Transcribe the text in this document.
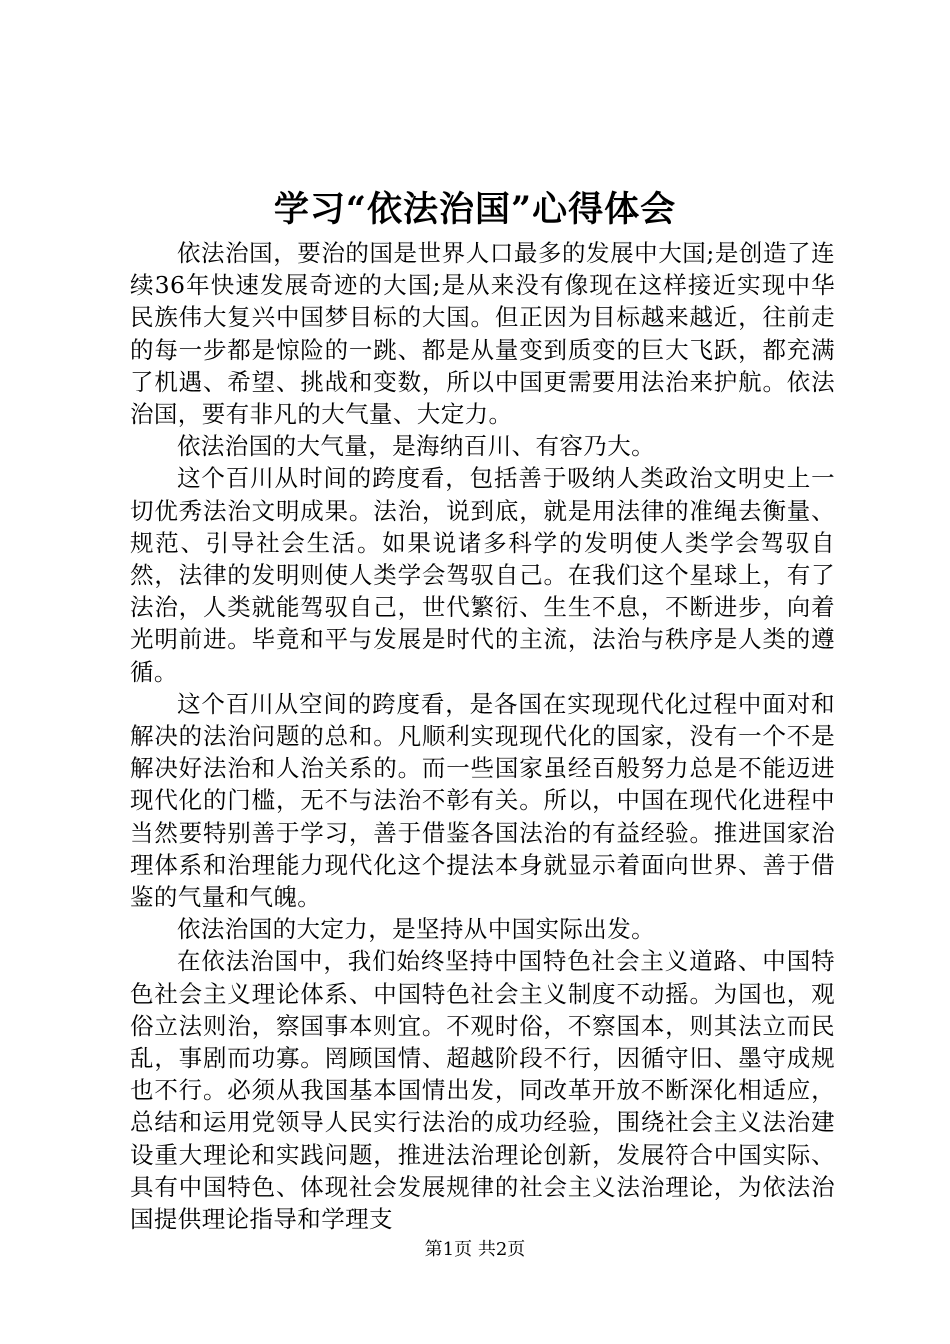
学习“依法治国”心得体会

依法治国，要治的国是世界人口最多的发展中大国;是创造了连续36年快速发展奇迹的大国;是从来没有像现在这样接近实现中华民族伟大复兴中国梦目标的大国。但正因为目标越来越近，往前走的每一步都是惊险的一跳、都是从量变到质变的巨大飞跃，都充满了机遇、希望、挑战和变数，所以中国更需要用法治来护航。依法治国，要有非凡的大气量、大定力。

依法治国的大气量，是海纳百川、有容乃大。

这个百川从时间的跨度看，包括善于吸纳人类政治文明史上一切优秀法治文明成果。法治，说到底，就是用法律的准绳去衡量、规范、引导社会生活。如果说诸多科学的发明使人类学会驾驭自然，法律的发明则使人类学会驾驭自己。在我们这个星球上，有了法治，人类就能驾驭自己，世代繁衍、生生不息，不断进步，向着光明前进。毕竟和平与发展是时代的主流，法治与秩序是人类的遵循。

这个百川从空间的跨度看，是各国在实现现代化过程中面对和解决的法治问题的总和。凡顺利实现现代化的国家，没有一个不是解决好法治和人治关系的。而一些国家虽经百般努力总是不能迈进现代化的门槛，无不与法治不彰有关。所以，中国在现代化进程中当然要特别善于学习，善于借鉴各国法治的有益经验。推进国家治理体系和治理能力现代化这个提法本身就显示着面向世界、善于借鉴的气量和气魄。

依法治国的大定力，是坚持从中国实际出发。

在依法治国中，我们始终坚持中国特色社会主义道路、中国特色社会主义理论体系、中国特色社会主义制度不动摇。为国也，观俗立法则治，察国事本则宜。不观时俗，不察国本，则其法立而民乱，事剧而功寡。罔顾国情、超越阶段不行，因循守旧、墨守成规也不行。必须从我国基本国情出发，同改革开放不断深化相适应，总结和运用党领导人民实行法治的成功经验，围绕社会主义法治建设重大理论和实践问题，推进法治理论创新，发展符合中国实际、具有中国特色、体现社会发展规律的社会主义法治理论，为依法治国提供理论指导和学理支

第1页 共2页
